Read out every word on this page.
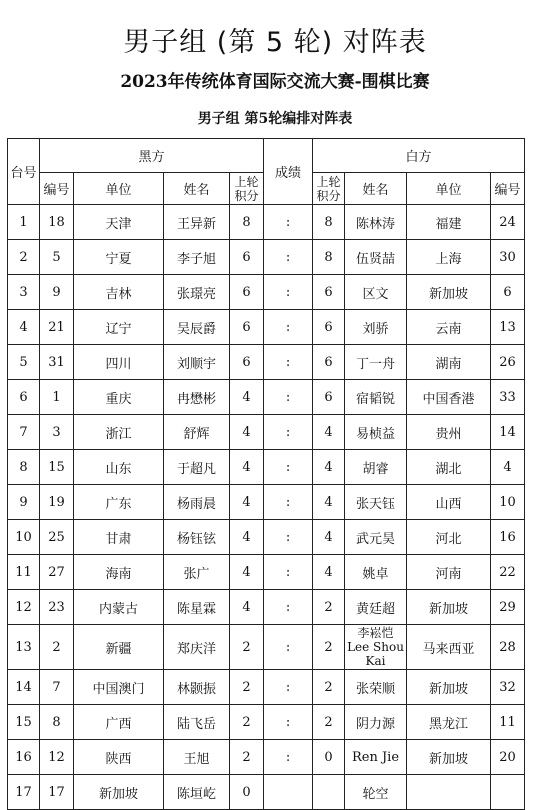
男子组 (第 5 轮) 对阵表
2023年传统体育国际交流大赛-围棋比赛
男子组 第5轮编排对阵表
台号	黑方				成绩	白方			
	编号	单位	姓名	上轮
积分		上轮
积分	姓名	单位	编号
1	18	天津	王异新	8	:	8	陈林涛	福建	24
2	5	宁夏	李子旭	6	:	8	伍贤喆	上海	30
3	9	吉林	张璟亮	6	:	6	区文	新加坡	6
4	21	辽宁	吴辰爵	6	:	6	刘骄	云南	13
5	31	四川	刘顺宇	6	:	6	丁一舟	湖南	26
6	1	重庆	冉懋彬	4	:	6	宿韬锐	中国香港	33
7	3	浙江	舒辉	4	:	4	易桢益	贵州	14
8	15	山东	于超凡	4	:	4	胡睿	湖北	4
9	19	广东	杨雨晨	4	:	4	张天钰	山西	10
10	25	甘肃	杨钰铉	4	:	4	武元昊	河北	16
11	27	海南	张广	4	:	4	姚卓	河南	22
12	23	内蒙古	陈星霖	4	:	2	黄廷超	新加坡	29
13	2	新疆	郑庆洋	2	:	2	李崧恺
Lee Shou
Kai	马来西亚	28
14	7	中国澳门	林颢振	2	:	2	张荣顺	新加坡	32
15	8	广西	陆飞岳	2	:	2	阴力源	黑龙江	11
16	12	陕西	王旭	2	:	0	Ren Jie	新加坡	20
17	17	新加坡	陈垣屹	0			轮空		
